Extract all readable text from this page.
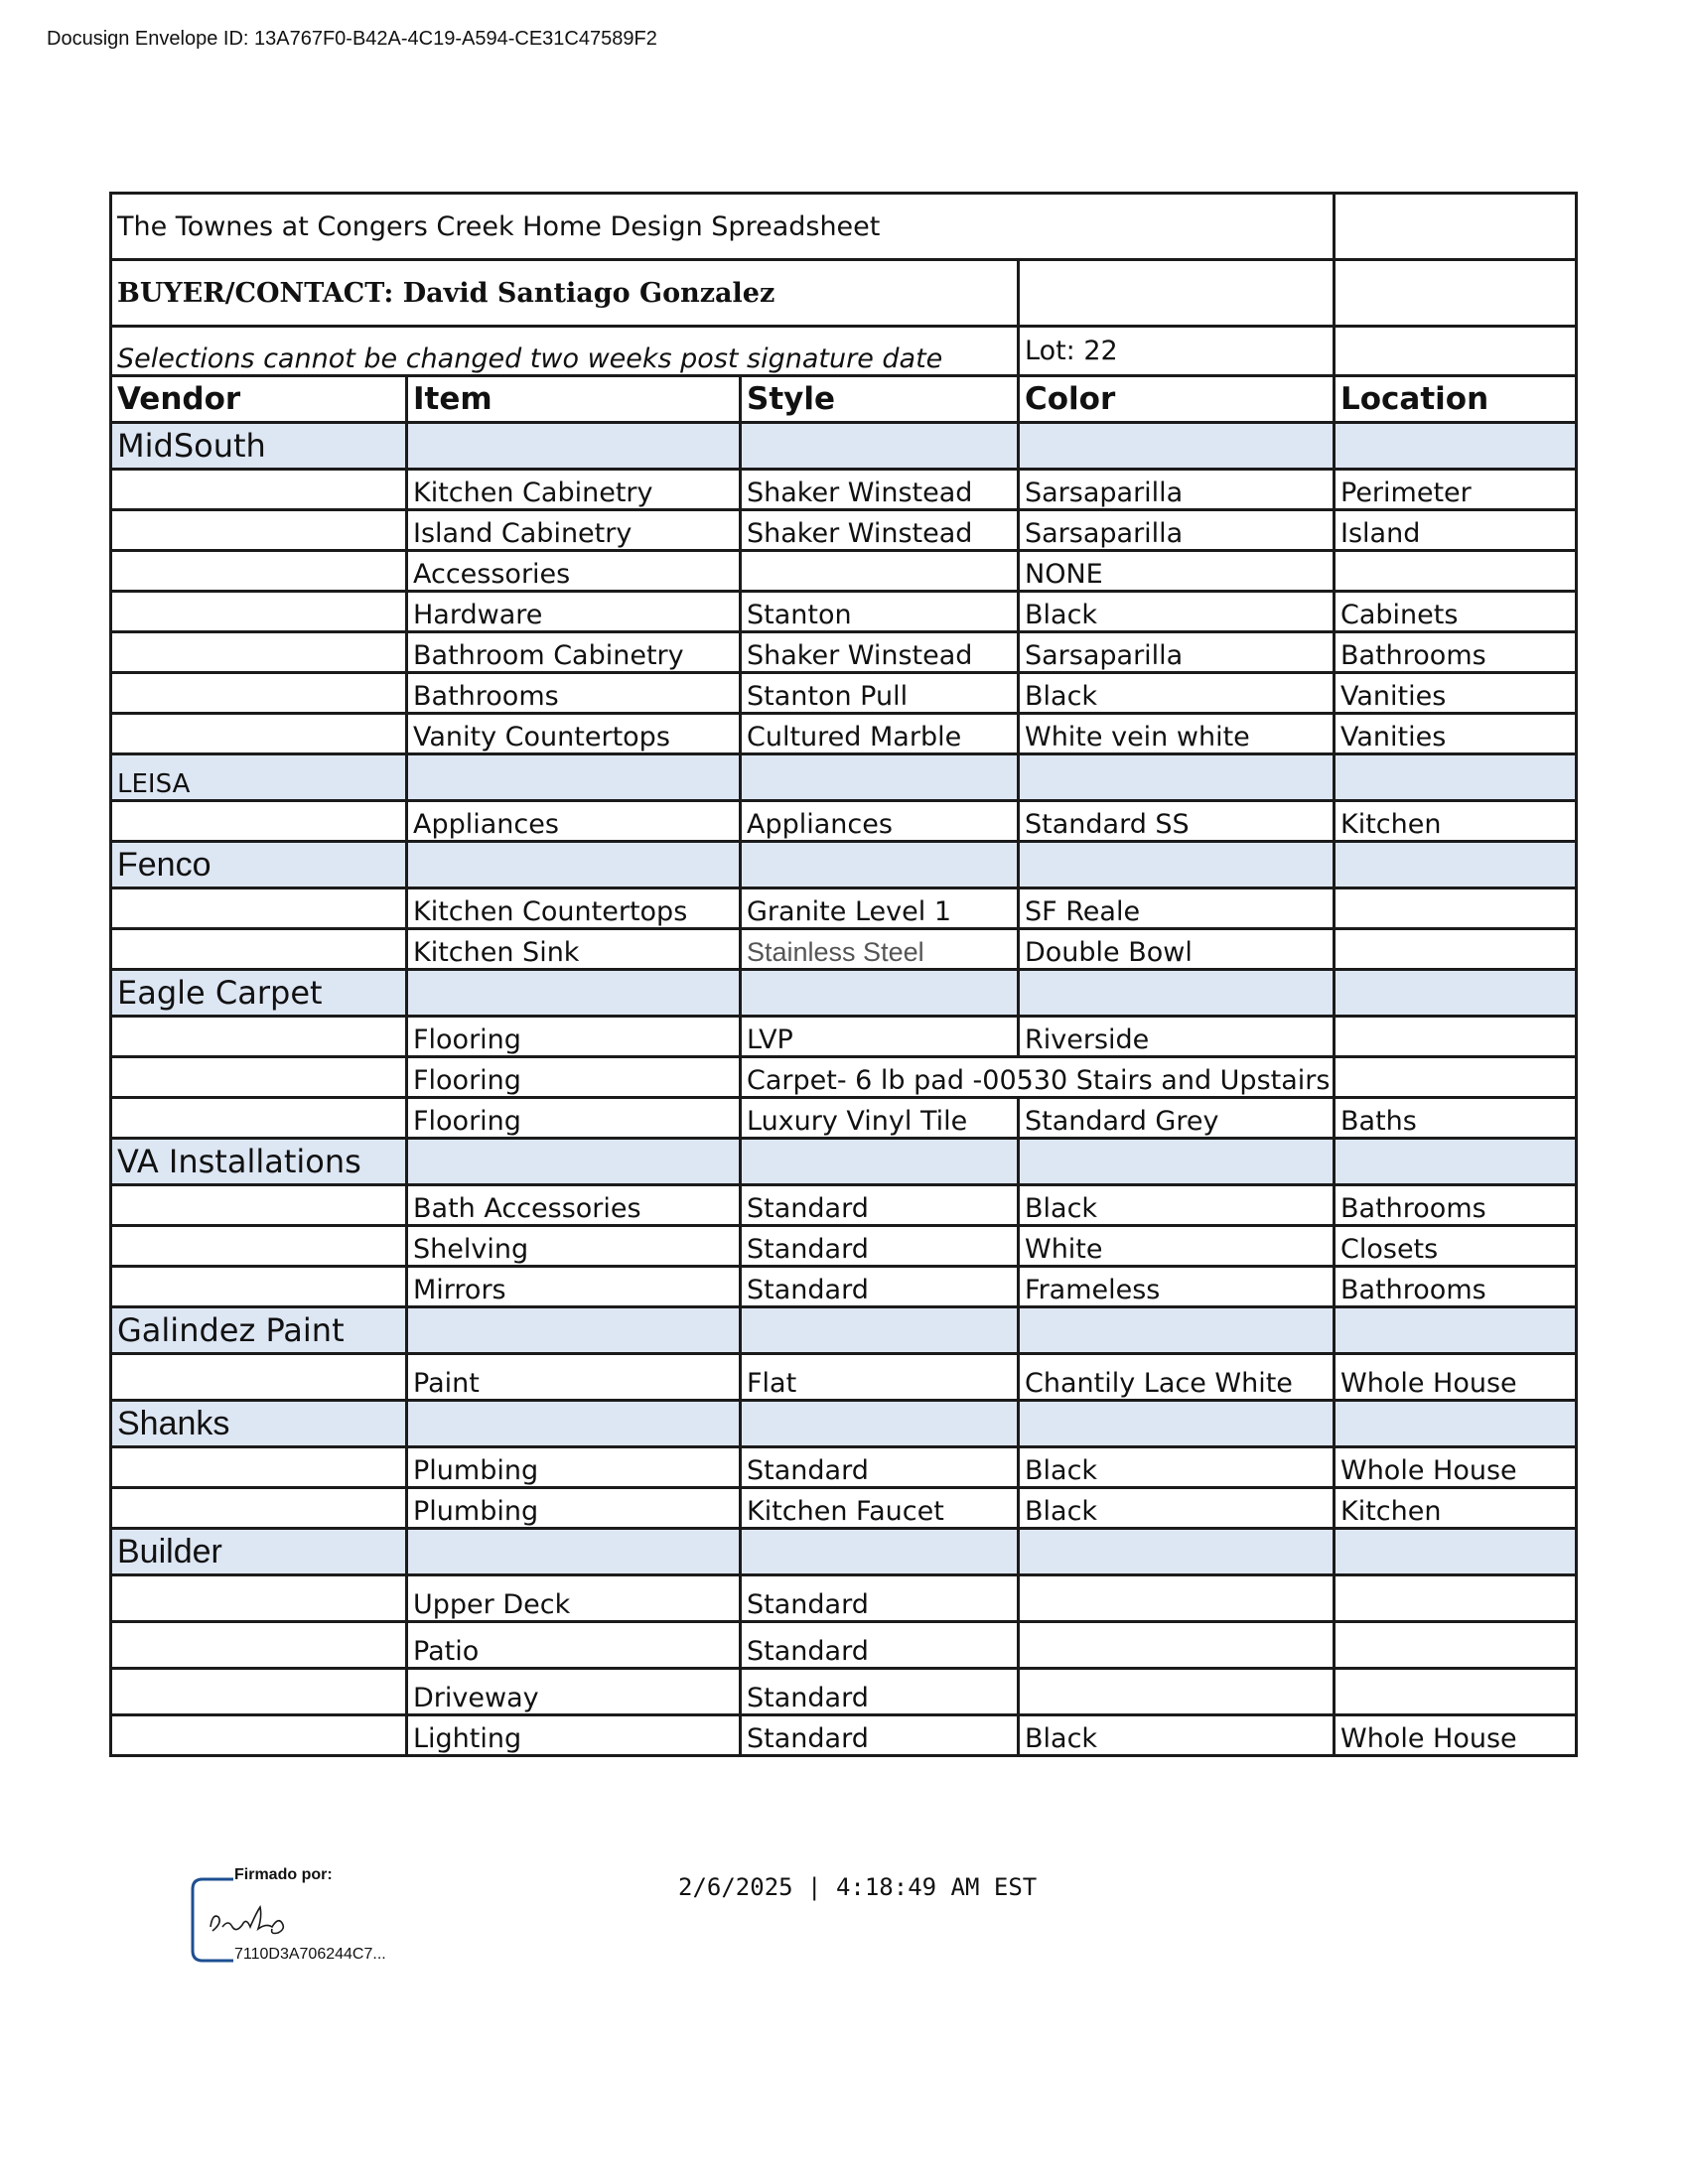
Docusign Envelope ID: 13A767F0-B42A-4C19-A594-CE31C47589F2
The Townes at Congers Creek Home Design Spreadsheet				
BUYER/CONTACT: David Santiago Gonzalez				
Selections cannot be changed two weeks post signature date			Lot: 22	
Vendor	Item	Style	Color	Location
MidSouth				
	Kitchen Cabinetry	Shaker Winstead	Sarsaparilla	Perimeter
	Island Cabinetry	Shaker Winstead	Sarsaparilla	Island
	Accessories		NONE	
	Hardware	Stanton	Black	Cabinets
	Bathroom Cabinetry	Shaker Winstead	Sarsaparilla	Bathrooms
	Bathrooms	Stanton Pull	Black	Vanities
	Vanity Countertops	Cultured Marble	White vein white	Vanities
LEISA				
	Appliances	Appliances	Standard SS	Kitchen
Fenco				
	Kitchen Countertops	Granite Level 1	SF Reale	
	Kitchen Sink	Stainless Steel	Double Bowl	
Eagle Carpet				
	Flooring	LVP	Riverside	
	Flooring	Carpet- 6 lb pad -00530 Stairs and Upstairs		
	Flooring	Luxury Vinyl Tile	Standard Grey	Baths
VA Installations				
	Bath Accessories	Standard	Black	Bathrooms
	Shelving	Standard	White	Closets
	Mirrors	Standard	Frameless	Bathrooms
Galindez Paint				
	Paint	Flat	Chantily Lace White	Whole House
Shanks				
	Plumbing	Standard	Black	Whole House
	Plumbing	Kitchen Faucet	Black	Kitchen
Builder				
	Upper Deck	Standard		
	Patio	Standard		
	Driveway	Standard		
	Lighting	Standard	Black	Whole House
Firmado por:
7110D3A706244C7...
2/6/2025 | 4:18:49 AM EST
